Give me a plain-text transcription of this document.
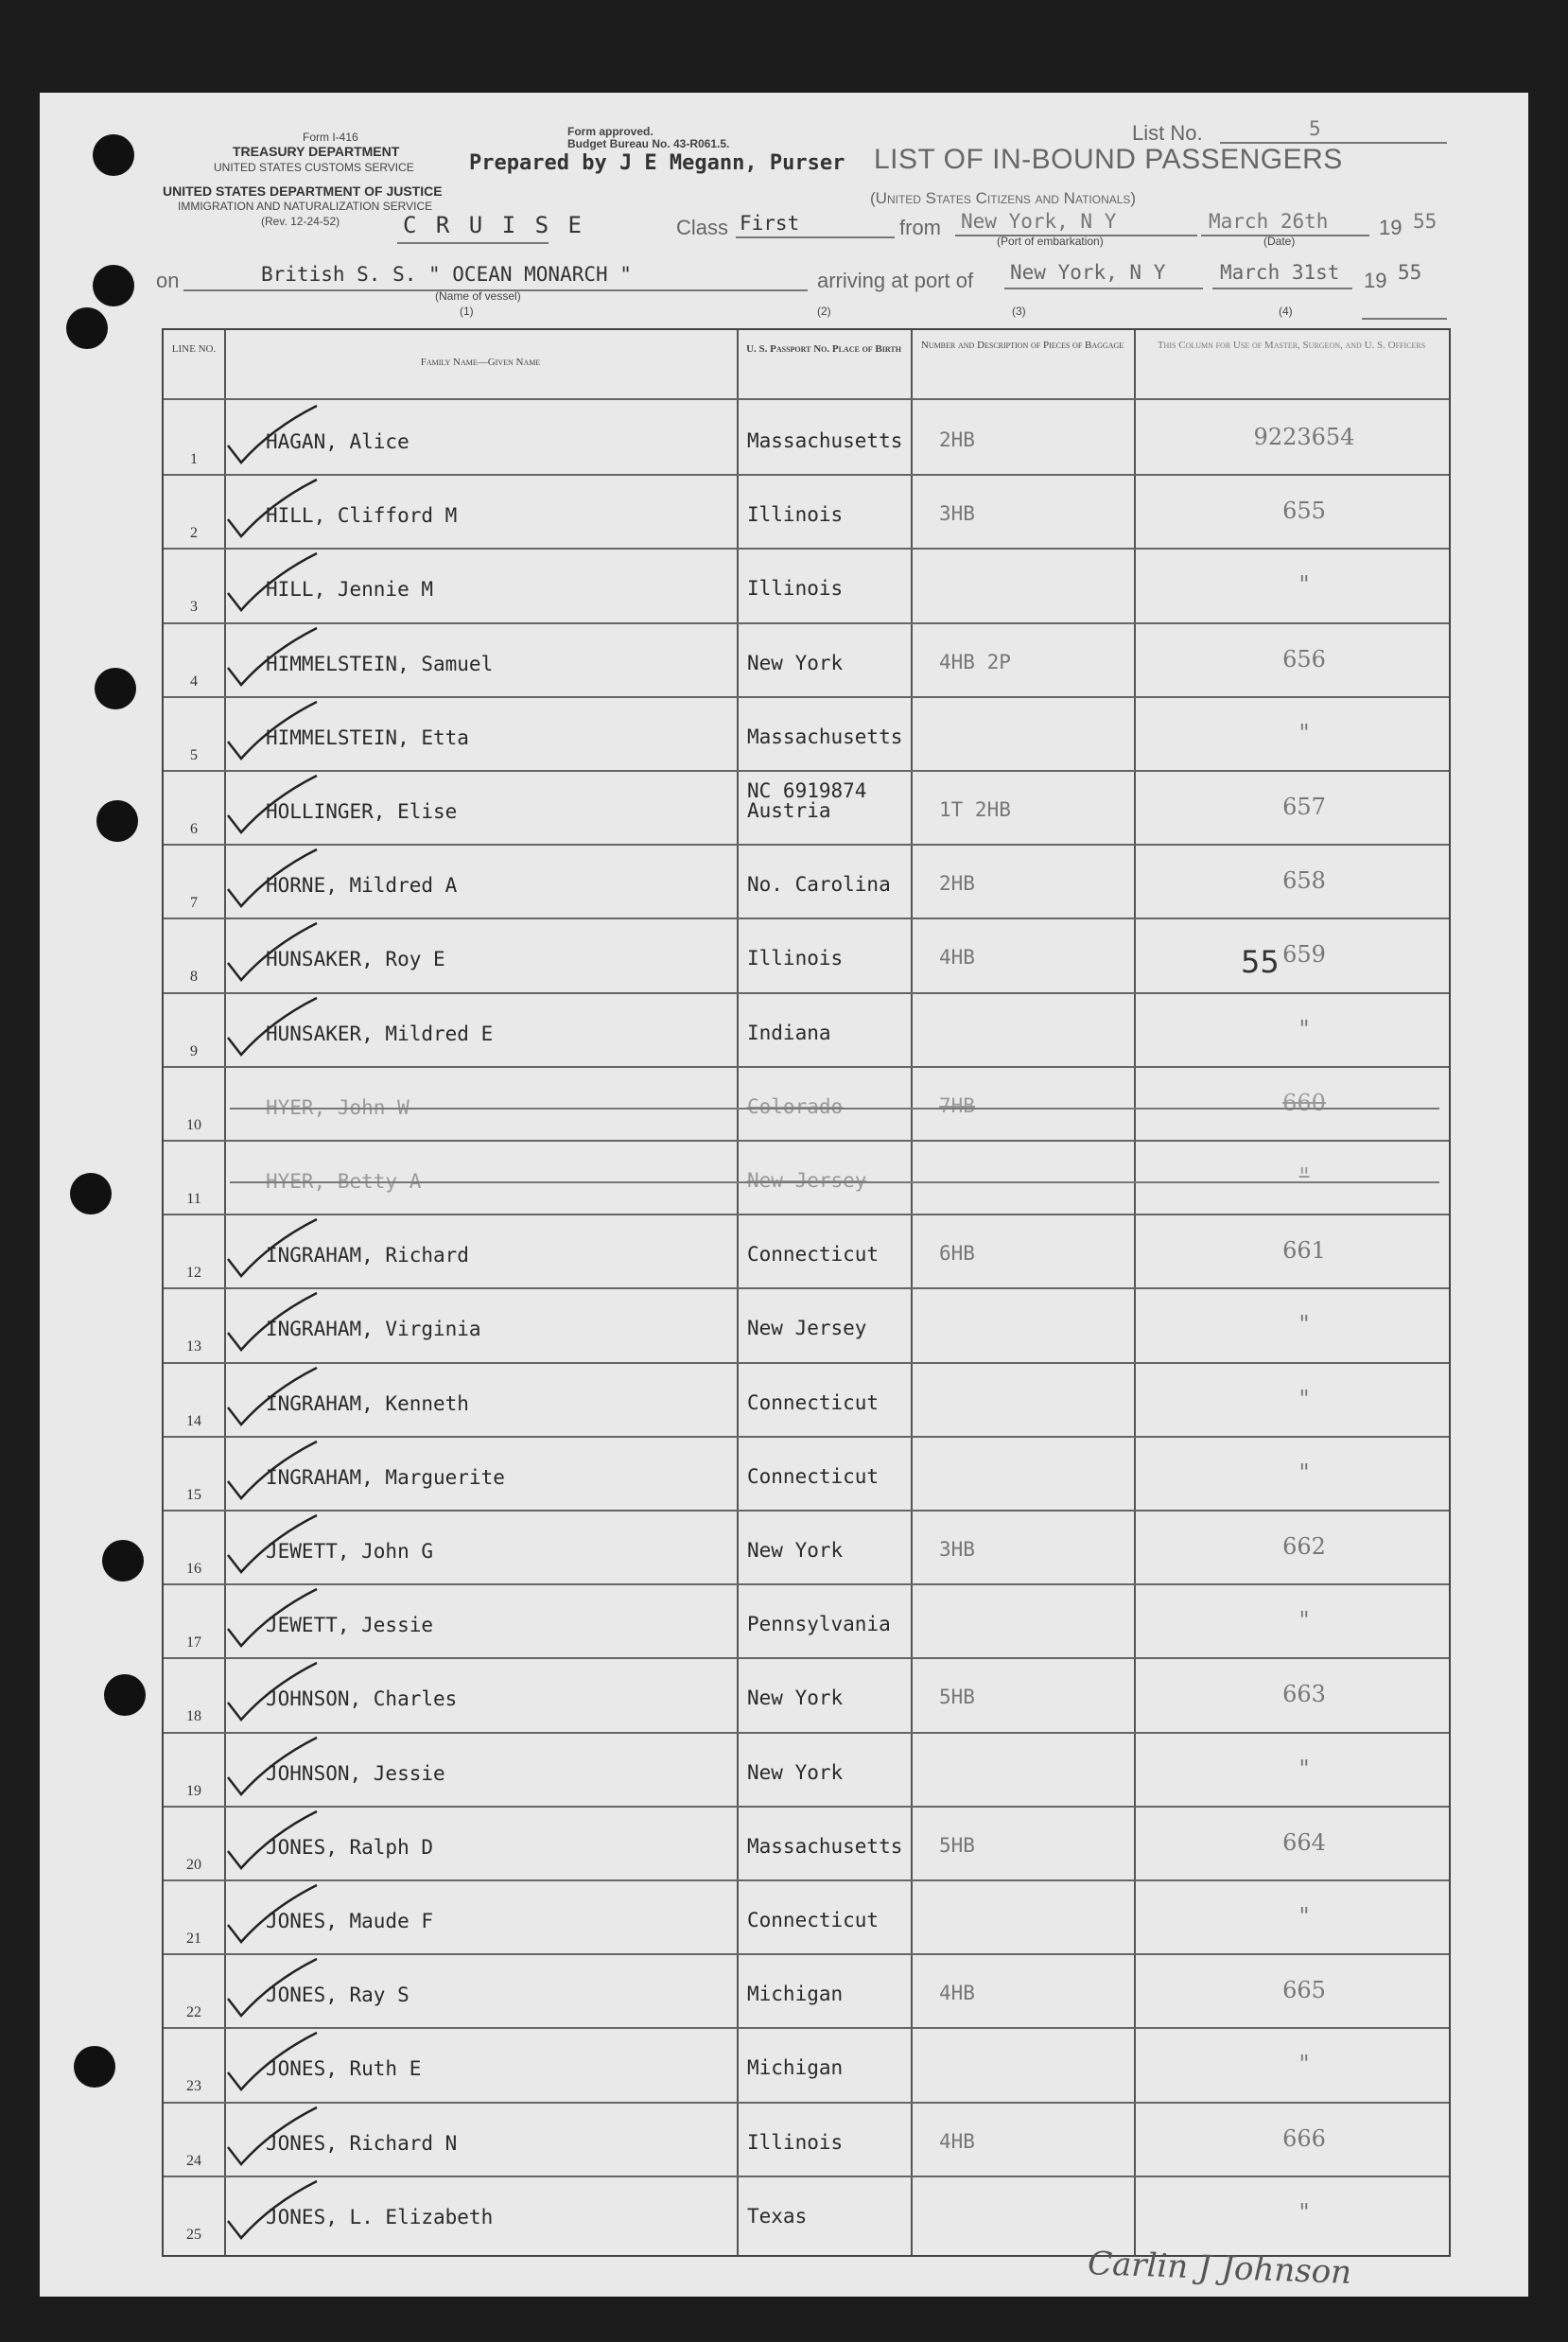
Form I-416
TREASURY DEPARTMENT
UNITED STATES CUSTOMS SERVICE
UNITED STATES DEPARTMENT OF JUSTICE
IMMIGRATION AND NATURALIZATION SERVICE
(Rev. 12-24-52)
Form approved.
Budget Bureau No. 43-R061.5.
Prepared by J E Megann, Purser LIST OF IN-BOUND PASSENGERS
(United States Citizens and Nationals)
List No.	5
C R U I S E	Class First	from New York, N Y
(Port of embarkation)
March 26th
(Date)
19 55
on	British S. S. " OCEAN MONARCH "
(Name of vessel)
(1)
arriving at port of
(2)
New York, N Y
(3)
March 31st
(4)
19 55
LINE NO.
Family Name—Given Name
U. S. Passport No. Place of Birth	Number and Description of Pieces of Baggage	This Column for Use of Master, Surgeon, and U. S. Officers
1
HAGAN, Alice	Massachusetts 2HB	9223654
2
HILL, Clifford M	Illinois	3HB	655
3
HILL, Jennie M	Illinois	"
4
HIMMELSTEIN, Samuel	New York	4HB 2P	656
5
HIMMELSTEIN, Etta	Massachusetts	"
6
HOLLINGER, Elise
NC 6919874
Austria	1T 2HB	657
7
HORNE, Mildred A	No. Carolina 2HB	658
8
HUNSAKER, Roy E	Illinois	4HB	659
9
HUNSAKER, Mildred E	Indiana	"
10
HYER, John W	Colorado	7HB	660
11
HYER, Betty A	New Jersey	"
12
INGRAHAM, Richard	Connecticut	6HB	661
13
INGRAHAM, Virginia	New Jersey	"
14
INGRAHAM, Kenneth	Connecticut	"
15
INGRAHAM, Marguerite	Connecticut	"
16
JEWETT, John G	New York	3HB	662
17
JEWETT, Jessie	Pennsylvania	"
18
JOHNSON, Charles	New York	5HB	663
19
JOHNSON, Jessie	New York	"
20
JONES, Ralph D	Massachusetts 5HB	664
21
JONES, Maude F	Connecticut	"
22
JONES, Ray S	Michigan	4HB	665
23
JONES, Ruth E	Michigan	"
24
JONES, Richard N	Illinois	4HB	666
25
JONES, L. Elizabeth	Texas	"
55
Carlin J Johnson
